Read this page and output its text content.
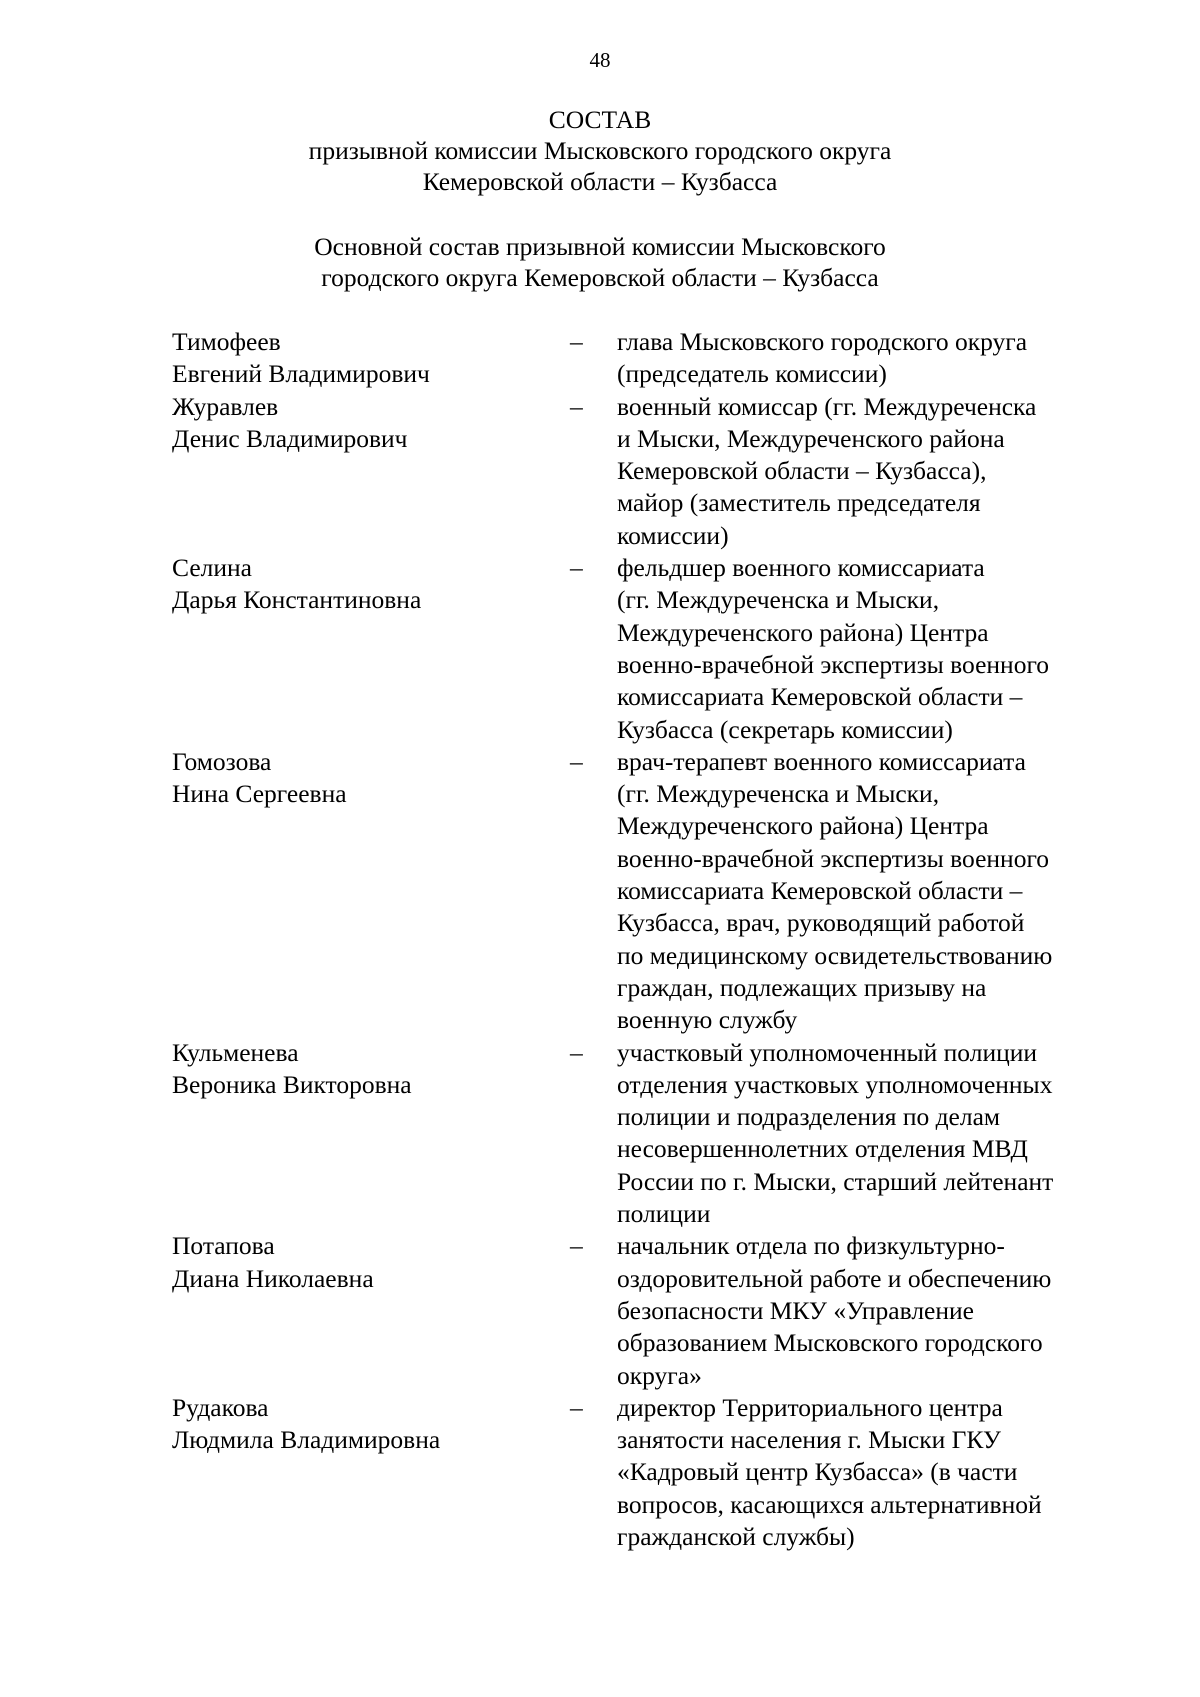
48
СОСТАВ
призывной комиссии Мысковского городского округа
Кемеровской области – Кузбасса
Основной состав призывной комиссии Мысковского
городского округа Кемеровской области – Кузбасса
Тимофеев
Евгений Владимирович
–	глава Мысковского городского округа
(председатель комиссии)
Журавлев
Денис Владимирович
–	военный комиссар (гг. Междуреченска
и Мыски, Междуреченского района
Кемеровской области – Кузбасса),
майор (заместитель председателя
комиссии)
Селина
Дарья Константиновна
–	фельдшер военного комиссариата
(гг. Междуреченска и Мыски,
Междуреченского района) Центра
военно-врачебной экспертизы военного
комиссариата Кемеровской области –
Кузбасса (секретарь комиссии)
Гомозова
Нина Сергеевна
–	врач-терапевт военного комиссариата
(гг. Междуреченска и Мыски,
Междуреченского района) Центра
военно-врачебной экспертизы военного
комиссариата Кемеровской области –
Кузбасса, врач, руководящий работой
по медицинскому освидетельствованию
граждан, подлежащих призыву на
военную службу
Кульменева
Вероника Викторовна
–	участковый уполномоченный полиции
отделения участковых уполномоченных
полиции и подразделения по делам
несовершеннолетних отделения МВД
России по г. Мыски, старший лейтенант
полиции
Потапова
Диана Николаевна
–	начальник отдела по физкультурно-
оздоровительной работе и обеспечению
безопасности МКУ «Управление
образованием Мысковского городского
округа»
Рудакова
Людмила Владимировна
–	директор Территориального центра
занятости населения г. Мыски ГКУ
«Кадровый центр Кузбасса» (в части
вопросов, касающихся альтернативной
гражданской службы)
